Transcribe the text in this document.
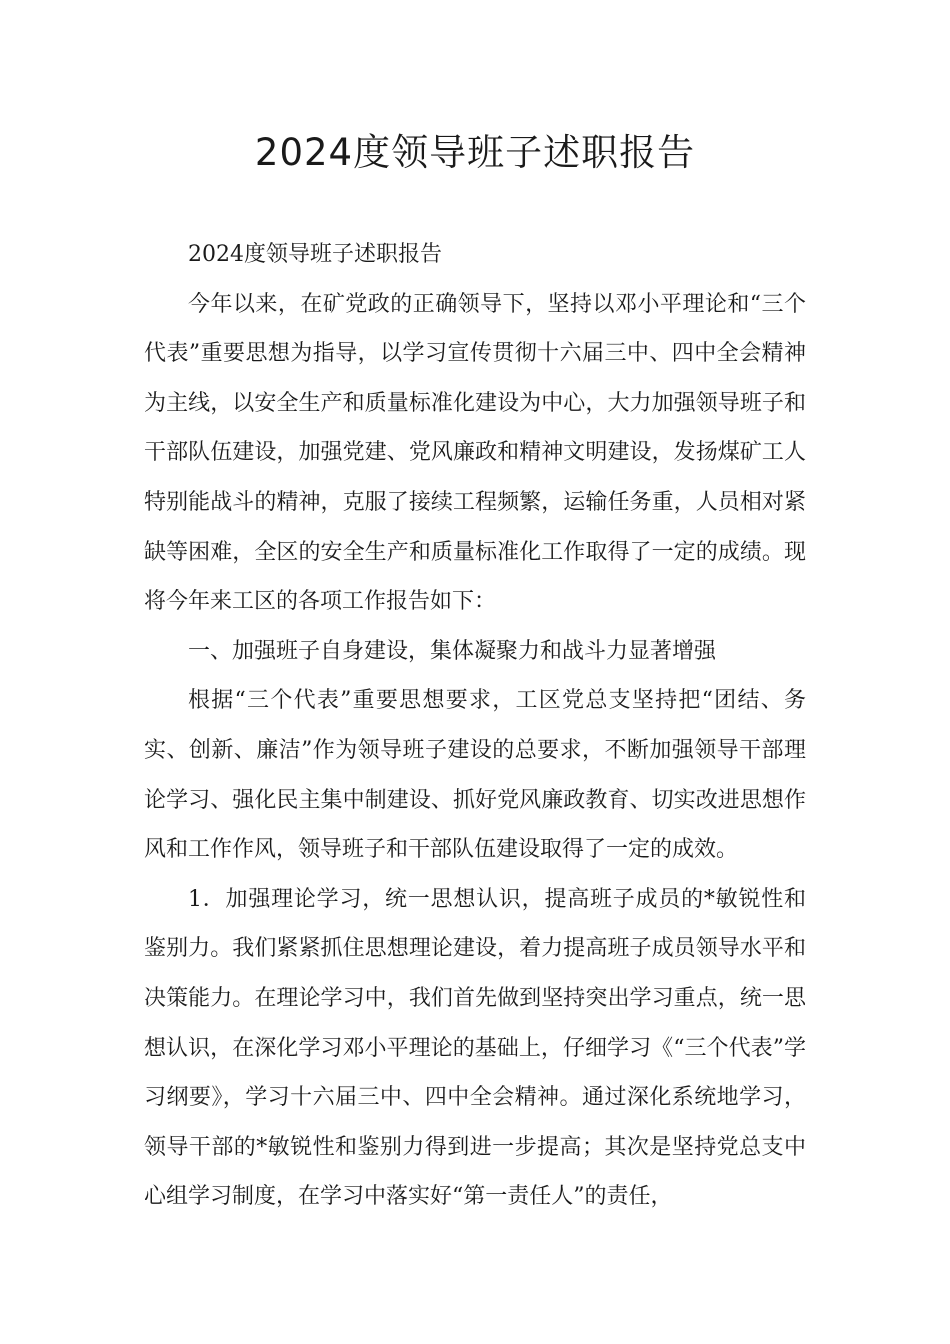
2024度领导班子述职报告

2024度领导班子述职报告

今年以来，在矿党政的正确领导下，坚持以邓小平理论和“三个代表”重要思想为指导，以学习宣传贯彻十六届三中、四中全会精神为主线，以安全生产和质量标准化建设为中心，大力加强领导班子和干部队伍建设，加强党建、党风廉政和精神文明建设，发扬煤矿工人特别能战斗的精神，克服了接续工程频繁，运输任务重，人员相对紧缺等困难，全区的安全生产和质量标准化工作取得了一定的成绩。现将今年来工区的各项工作报告如下：

一、加强班子自身建设，集体凝聚力和战斗力显著增强

根据“三个代表”重要思想要求，工区党总支坚持把“团结、务实、创新、廉洁”作为领导班子建设的总要求，不断加强领导干部理论学习、强化民主集中制建设、抓好党风廉政教育、切实改进思想作风和工作作风，领导班子和干部队伍建设取得了一定的成效。

1．加强理论学习，统一思想认识，提高班子成员的*敏锐性和鉴别力。我们紧紧抓住思想理论建设，着力提高班子成员领导水平和决策能力。在理论学习中，我们首先做到坚持突出学习重点，统一思想认识，在深化学习邓小平理论的基础上，仔细学习《“三个代表”学习纲要》，学习十六届三中、四中全会精神。通过深化系统地学习，领导干部的*敏锐性和鉴别力得到进一步提高；其次是坚持党总支中心组学习制度，在学习中落实好“第一责任人”的责任，
